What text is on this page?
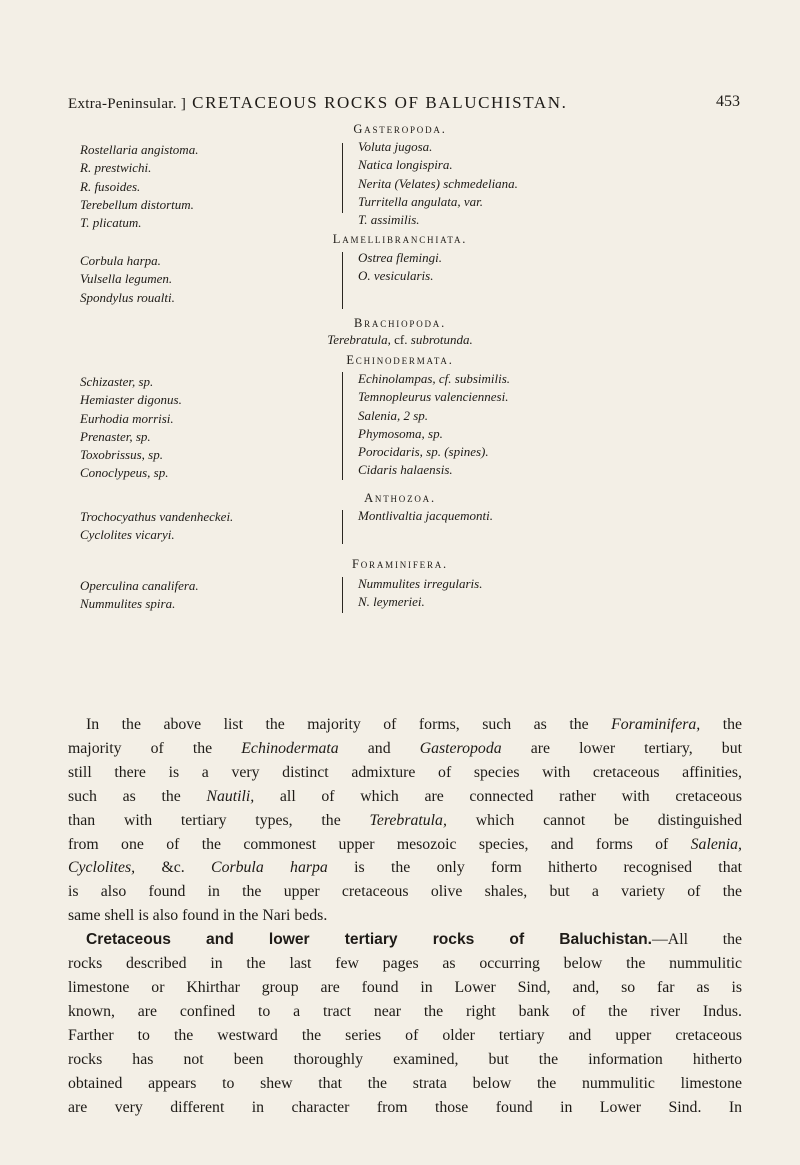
Extra-Peninsular. ] CRETACEOUS ROCKS OF BALUCHISTAN.	453
Gasteropoda.
Rostellaria angistoma.
R. prestwichi.
R. fusoides.
Terebellum distortum.
T. plicatum.
Voluta jugosa.
Natica longispira.
Nerita (Velates) schmedeliana.
Turritella angulata, var.
T. assimilis.
Lamellibranchiata.
Corbula harpa.
Vulsella legumen.
Spondylus roualti.
Ostrea flemingi.
O. vesicularis.
Brachiopoda.
Terebratula, cf. subrotunda.
Echinodermata.
Schizaster, sp.
Hemiaster digonus.
Eurhodia morrisi.
Prenaster, sp.
Toxobrissus, sp.
Conoclypeus, sp.
Echinolampas, cf. subsimilis.
Temnopleurus valenciennesi.
Salenia, 2 sp.
Phymosoma, sp.
Porocidaris, sp. (spines).
Cidaris halaensis.
Anthozoa.
Trochocyathus vandenheckei.
Cyclolites vicaryi.
Montlivaltia jacquemonti.
Foraminifera.
Operculina canalifera.
Nummulites spira.
Nummulites irregularis.
N. leymeriei.

In the above list the majority of forms, such as the Foraminifera, the
majority of the Echinodermata and Gasteropoda are lower tertiary, but
still there is a very distinct admixture of species with cretaceous affinities,
such as the Nautili, all of which are connected rather with cretaceous
than with tertiary types, the Terebratula, which cannot be distinguished
from one of the commonest upper mesozoic species, and forms of Salenia,
Cyclolites, &c. Corbula harpa is the only form hitherto recognised that
is also found in the upper cretaceous olive shales, but a variety of the
same shell is also found in the Nari beds.

Cretaceous and lower tertiary rocks of Baluchistan.—All the
rocks described in the last few pages as occurring below the nummulitic
limestone or Khirthar group are found in Lower Sind, and, so far as is
known, are confined to a tract near the right bank of the river Indus.
Farther to the westward the series of older tertiary and upper cretaceous
rocks has not been thoroughly examined, but the information hitherto
obtained appears to shew that the strata below the nummulitic limestone
are very different in character from those found in Lower Sind. In
